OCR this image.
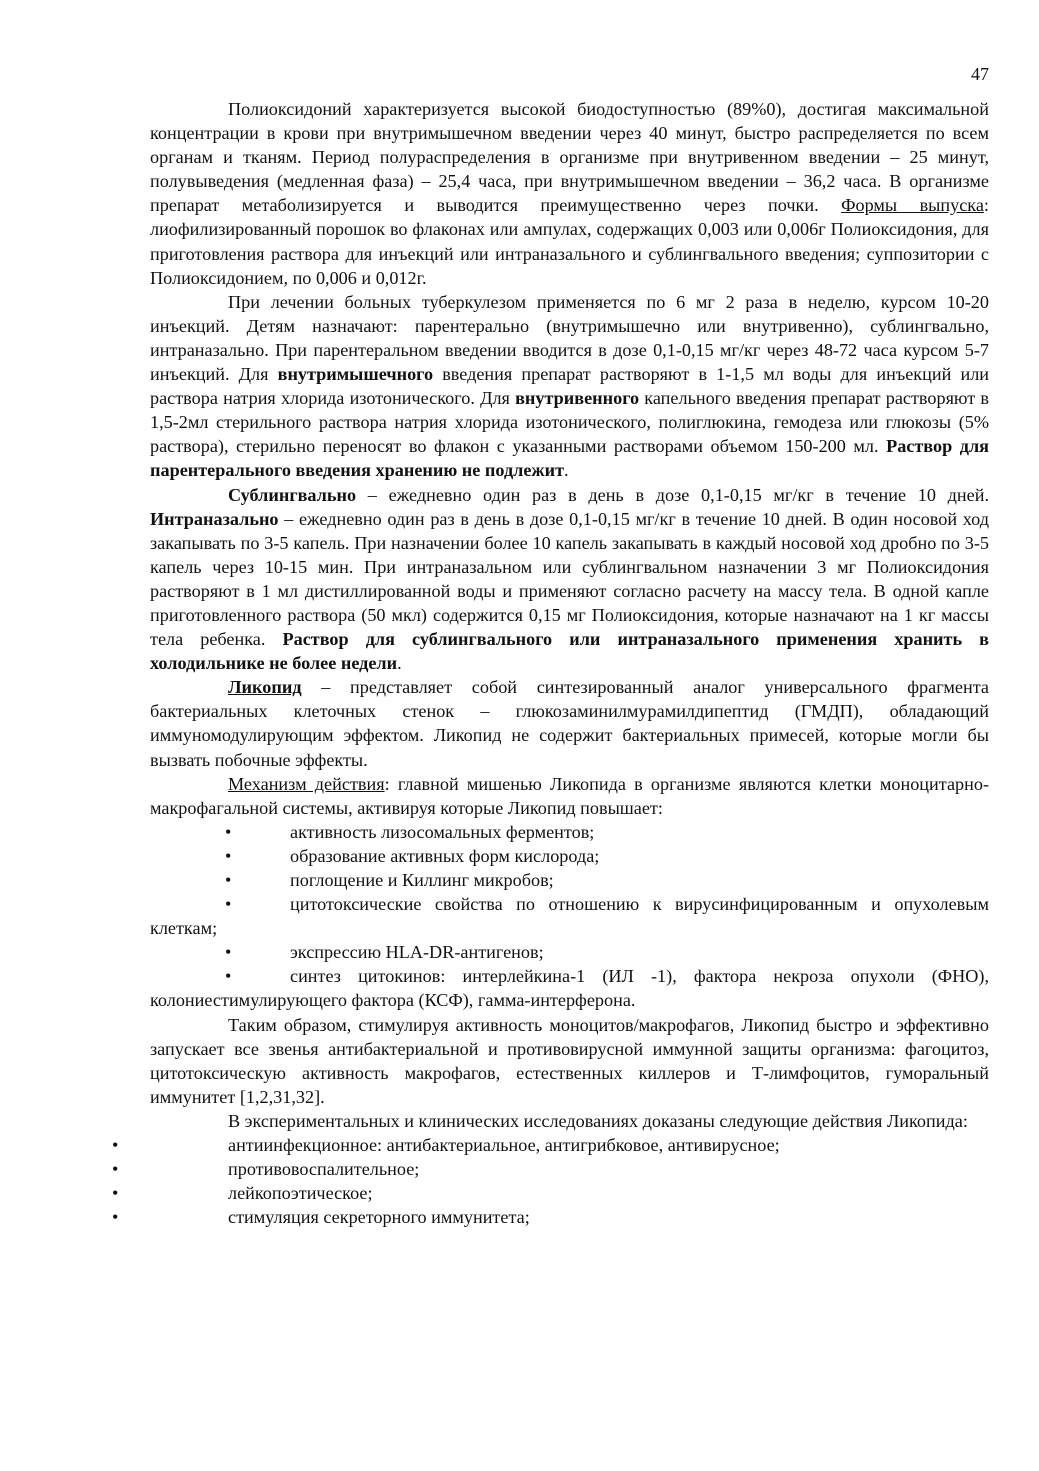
47

Полиоксидоний характеризуется высокой биодоступностью (89%0), достигая максимальной концентрации в крови при внутримышечном введении через 40 минут, быстро распределяется по всем органам и тканям. Период полураспределения в организме при внутривенном введении – 25 минут, полувыведения (медленная фаза) – 25,4 часа, при внутримышечном введении – 36,2 часа. В организме препарат метаболизируется и выводится преимущественно через почки. Формы выпуска: лиофилизированный порошок во флаконах или ампулах, содержащих 0,003 или 0,006г Полиоксидония, для приготовления раствора для инъекций или интраназального и сублингвального введения; суппозитории с Полиоксидонием, по 0,006 и 0,012г.

При лечении больных туберкулезом применяется по 6 мг 2 раза в неделю, курсом 10-20 инъекций. Детям назначают: парентерально (внутримышечно или внутривенно), сублингвально, интраназально. При парентеральном введении вводится в дозе 0,1-0,15 мг/кг через 48-72 часа курсом 5-7 инъекций. Для внутримышечного введения препарат растворяют в 1-1,5 мл воды для инъекций или раствора натрия хлорида изотонического. Для внутривенного капельного введения препарат растворяют в 1,5-2мл стерильного раствора натрия хлорида изотонического, полиглюкина, гемодеза или глюкозы (5% раствора), стерильно переносят во флакон с указанными растворами объемом 150-200 мл. Раствор для парентерального введения хранению не подлежит.

Сублингвально – ежедневно один раз в день в дозе 0,1-0,15 мг/кг в течение 10 дней. Интраназально – ежедневно один раз в день в дозе 0,1-0,15 мг/кг в течение 10 дней. В один носовой ход закапывать по 3-5 капель. При назначении более 10 капель закапывать в каждый носовой ход дробно по 3-5 капель через 10-15 мин. При интраназальном или сублингвальном назначении 3 мг Полиоксидония растворяют в 1 мл дистиллированной воды и применяют согласно расчету на массу тела. В одной капле приготовленного раствора (50 мкл) содержится 0,15 мг Полиоксидония, которые назначают на 1 кг массы тела ребенка. Раствор для сублингвального или интраназального применения хранить в холодильнике не более недели.

Ликопид – представляет собой синтезированный аналог универсального фрагмента бактериальных клеточных стенок – глюкозаминилмурамилдипептид (ГМДП), обладающий иммуномодулирующим эффектом. Ликопид не содержит бактериальных примесей, которые могли бы вызвать побочные эффекты.

Механизм действия: главной мишенью Ликопида в организме являются клетки моноцитарно-макрофагальной системы, активируя которые Ликопид повышает:

•	активность лизосомальных ферментов;
•	образование активных форм кислорода;
•	поглощение и Киллинг микробов;
•	цитотоксические свойства по отношению к вирусинфицированным и опухолевым клеткам;
•	экспрессию HLA-DR-антигенов;
•	синтез цитокинов: интерлейкина-1 (ИЛ -1), фактора некроза опухоли (ФНО), колониестимулирующего фактора (КСФ), гамма-интерферона.

Таким образом, стимулируя активность моноцитов/макрофагов, Ликопид быстро и эффективно запускает все звенья антибактериальной и противовирусной иммунной защиты организма: фагоцитоз, цитотоксическую активность макрофагов, естественных киллеров и Т-лимфоцитов, гуморальный иммунитет [1,2,31,32].

В экспериментальных и клинических исследованиях доказаны следующие действия Ликопида:

•	антиинфекционное: антибактериальное, антигрибковое, антивирусное;
•	противовоспалительное;
•	лейкопоэтическое;
•	стимуляция секреторного иммунитета;
